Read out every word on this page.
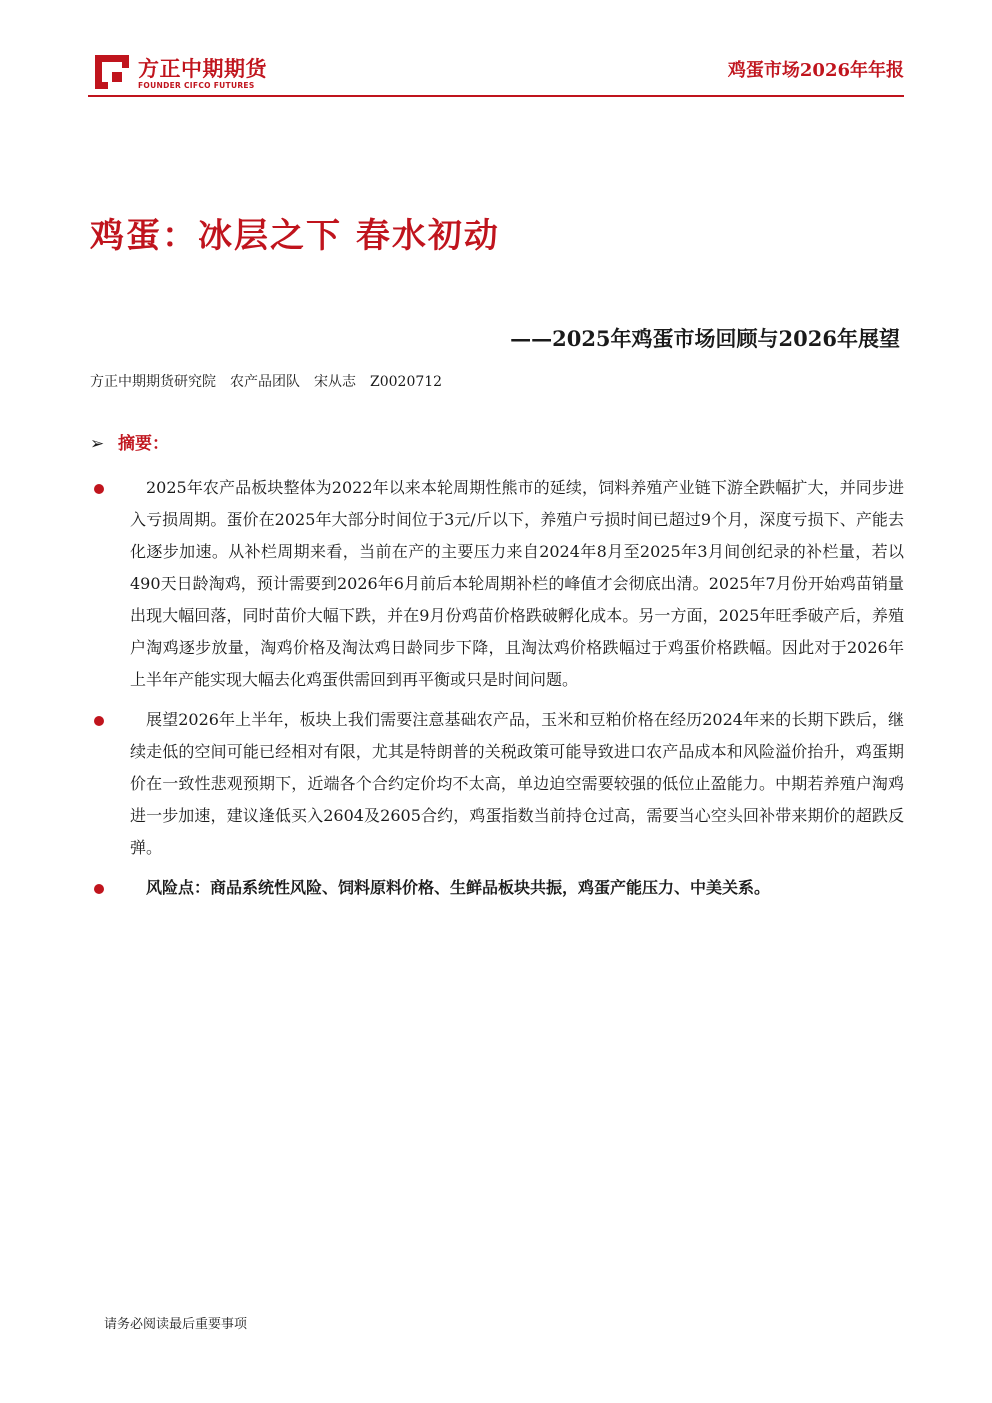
方正中期期货
FOUNDER CIFCO FUTURES
鸡蛋市场2026年年报
鸡蛋：冰层之下 春水初动
——2025年鸡蛋市场回顾与2026年展望
方正中期期货研究院 农产品团队 宋从志 Z0020712
➢ 摘要：
2025年农产品板块整体为2022年以来本轮周期性熊市的延续，饲料养殖产业链下游全跌幅扩大，并同步进入亏损周期。蛋价在2025年大部分时间位于3元/斤以下，养殖户亏损时间已超过9个月，深度亏损下、产能去化逐步加速。从补栏周期来看，当前在产的主要压力来自2024年8月至2025年3月间创纪录的补栏量，若以490天日龄淘鸡，预计需要到2026年6月前后本轮周期补栏的峰值才会彻底出清。2025年7月份开始鸡苗销量出现大幅回落，同时苗价大幅下跌，并在9月份鸡苗价格跌破孵化成本。另一方面，2025年旺季破产后，养殖户淘鸡逐步放量，淘鸡价格及淘汰鸡日龄同步下降，且淘汰鸡价格跌幅过于鸡蛋价格跌幅。因此对于2026年上半年产能实现大幅去化鸡蛋供需回到再平衡或只是时间问题。
展望2026年上半年，板块上我们需要注意基础农产品，玉米和豆粕价格在经历2024年来的长期下跌后，继续走低的空间可能已经相对有限，尤其是特朗普的关税政策可能导致进口农产品成本和风险溢价抬升，鸡蛋期价在一致性悲观预期下，近端各个合约定价均不太高，单边迫空需要较强的低位止盈能力。中期若养殖户淘鸡进一步加速，建议逢低买入2604及2605合约，鸡蛋指数当前持仓过高，需要当心空头回补带来期价的超跌反弹。
风险点：商品系统性风险、饲料原料价格、生鲜品板块共振，鸡蛋产能压力、中美关系。
请务必阅读最后重要事项
